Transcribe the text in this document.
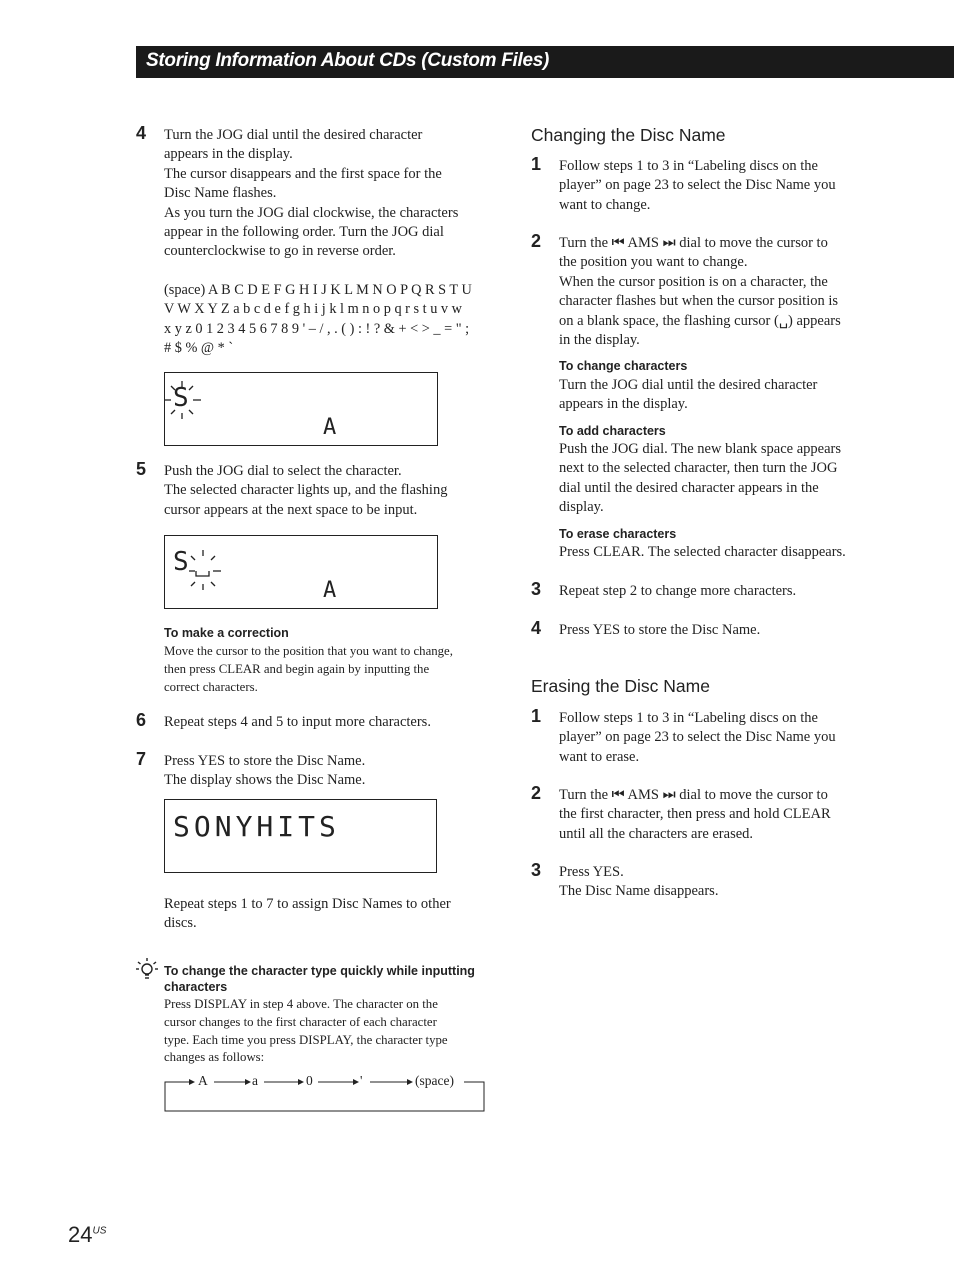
Storing Information About CDs (Custom Files)
4 Turn the JOG dial until the desired character
appears in the display.
The cursor disappears and the first space for the
Disc Name flashes.
As you turn the JOG dial clockwise, the characters
appear in the following order. Turn the JOG dial
counterclockwise to go in reverse order.
(space) A B C D E F G H I J K L M N O P Q R S T U
V W X Y Z a b c d e f g h i j k l m n o p q r s t u v w
x y z 0 1 2 3 4 5 6 7 8 9 ' – / , . ( ) : ! ? & + < > _ = " ;
# $ % @ * `
S
A
5 Push the JOG dial to select the character.
The selected character lights up, and the flashing
cursor appears at the next space to be input.
S
A
To make a correction
Move the cursor to the position that you want to change,
then press CLEAR and begin again by inputting the
correct characters.
6 Repeat steps 4 and 5 to input more characters.
7 Press YES to store the Disc Name.
The display shows the Disc Name.
SONYHITS
Repeat steps 1 to 7 to assign Disc Names to other
discs.
To change the character type quickly while inputting
characters
Press DISPLAY in step 4 above. The character on the
cursor changes to the first character of each character
type. Each time you press DISPLAY, the character type
changes as follows:
A	a	0	'	(space)
Changing the Disc Name
1 Follow steps 1 to 3 in “Labeling discs on the
player” on page 23 to select the Disc Name you
want to change.
2 Turn the ⏮ AMS ⏭ dial to move the cursor to
the position you want to change.
When the cursor position is on a character, the
character flashes but when the cursor position is
on a blank space, the flashing cursor (␣) appears
in the display.
To change characters
Turn the JOG dial until the desired character
appears in the display.
To add characters
Push the JOG dial. The new blank space appears
next to the selected character, then turn the JOG
dial until the desired character appears in the
display.
To erase characters
Press CLEAR. The selected character disappears.
3 Repeat step 2 to change more characters.
4 Press YES to store the Disc Name.
Erasing the Disc Name
1 Follow steps 1 to 3 in “Labeling discs on the
player” on page 23 to select the Disc Name you
want to erase.
2 Turn the ⏮ AMS ⏭ dial to move the cursor to
the first character, then press and hold CLEAR
until all the characters are erased.
3 Press YES.
The Disc Name disappears.
$24^{US}$
